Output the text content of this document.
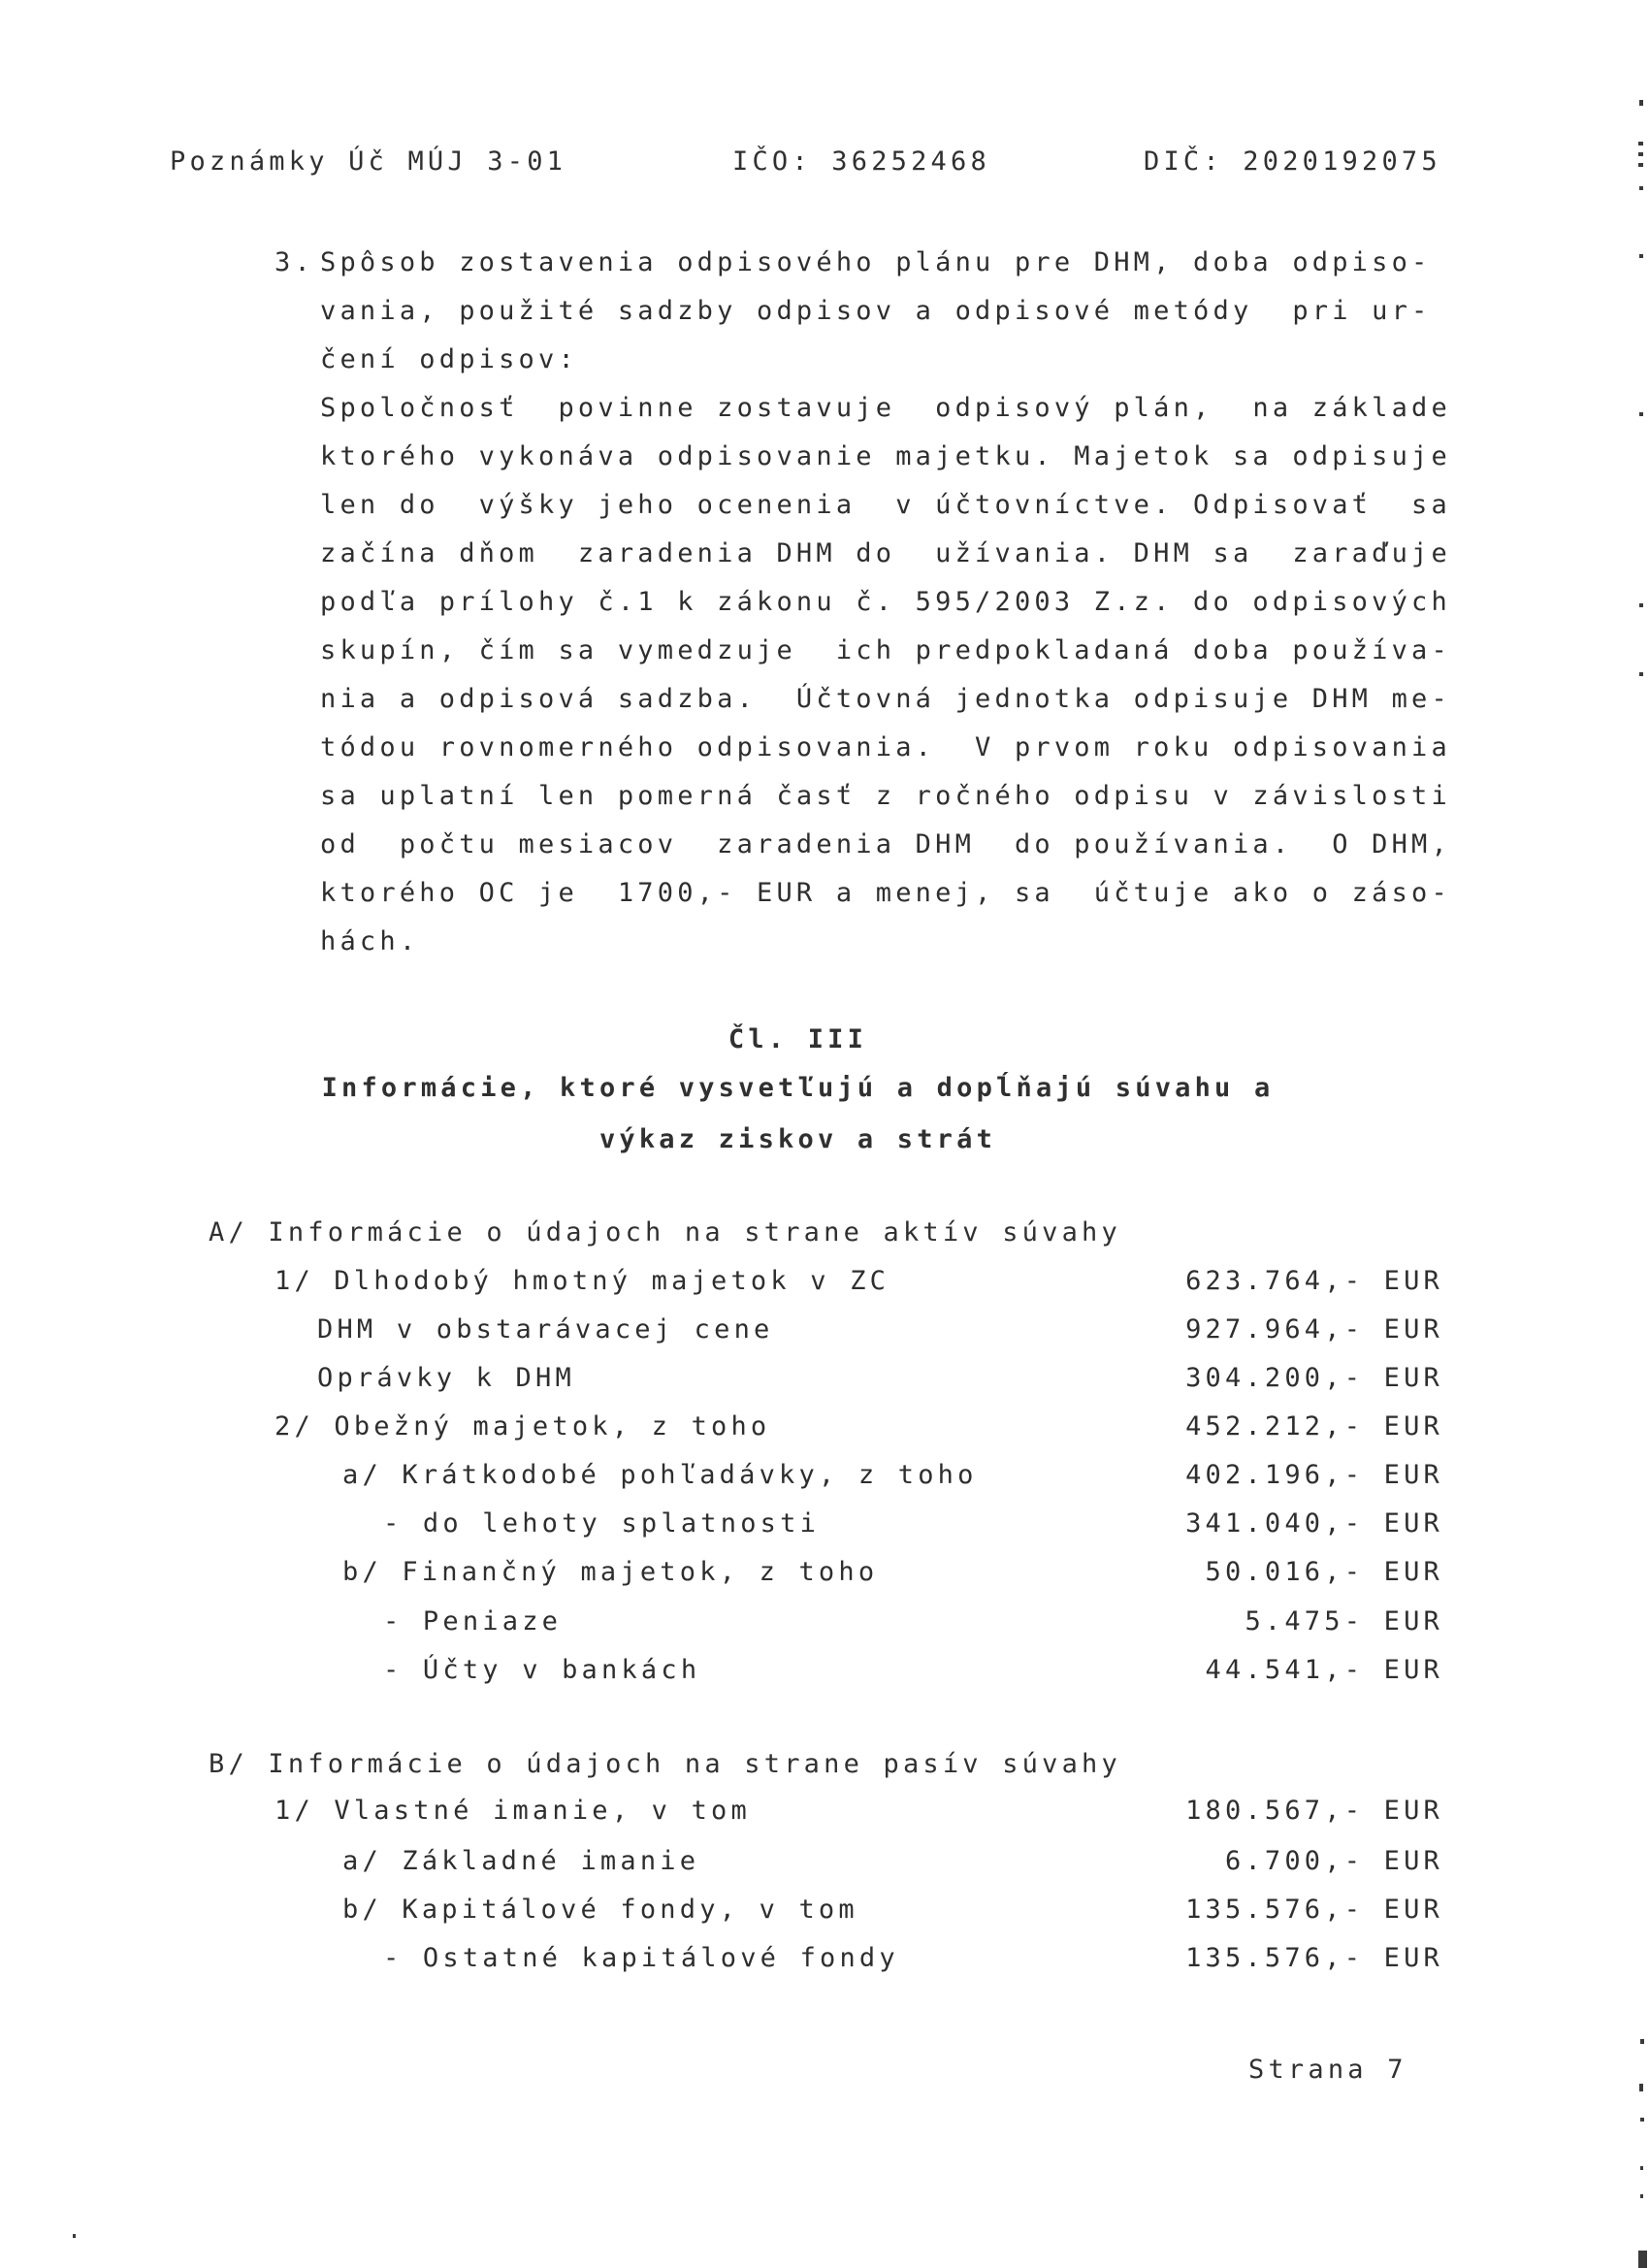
Poznámky Úč MÚJ 3-01	IČO: 36252468	DIČ: 2020192075
3. Spôsob zostavenia odpisového plánu pre DHM, doba odpiso-
vania, použité sadzby odpisov a odpisové metódy  pri ur-
čení odpisov:
Spoločnosť  povinne zostavuje  odpisový plán,  na základe
ktorého vykonáva odpisovanie majetku. Majetok sa odpisuje
len do  výšky jeho ocenenia  v účtovníctve. Odpisovať  sa
začína dňom  zaradenia DHM do  užívania. DHM sa  zaraďuje
podľa prílohy č.1 k zákonu č. 595/2003 Z.z. do odpisových
skupín, čím sa vymedzuje  ich predpokladaná doba používa-
nia a odpisová sadzba.  Účtovná jednotka odpisuje DHM me-
tódou rovnomerného odpisovania.  V prvom roku odpisovania
sa uplatní len pomerná časť z ročného odpisu v závislosti
od  počtu mesiacov  zaradenia DHM  do používania.  O DHM,
ktorého OC je  1700,- EUR a menej, sa  účtuje ako o záso-
hách.
Čl. III
Informácie, ktoré vysvetľujú a dopĺňajú súvahu a
výkaz ziskov a strát
A/ Informácie o údajoch na strane aktív súvahy
1/ Dlhodobý hmotný majetok v ZC	623.764,- EUR
DHM v obstarávacej cene	927.964,- EUR
Oprávky k DHM	304.200,- EUR
2/ Obežný majetok, z toho	452.212,- EUR
a/ Krátkodobé pohľadávky, z toho	402.196,- EUR
- do lehoty splatnosti	341.040,- EUR
b/ Finančný majetok, z toho	50.016,- EUR
- Peniaze	5.475- EUR
- Účty v bankách	44.541,- EUR
B/ Informácie o údajoch na strane pasív súvahy
1/ Vlastné imanie, v tom	180.567,- EUR
a/ Základné imanie	6.700,- EUR
b/ Kapitálové fondy, v tom	135.576,- EUR
- Ostatné kapitálové fondy	135.576,- EUR
Strana 7
